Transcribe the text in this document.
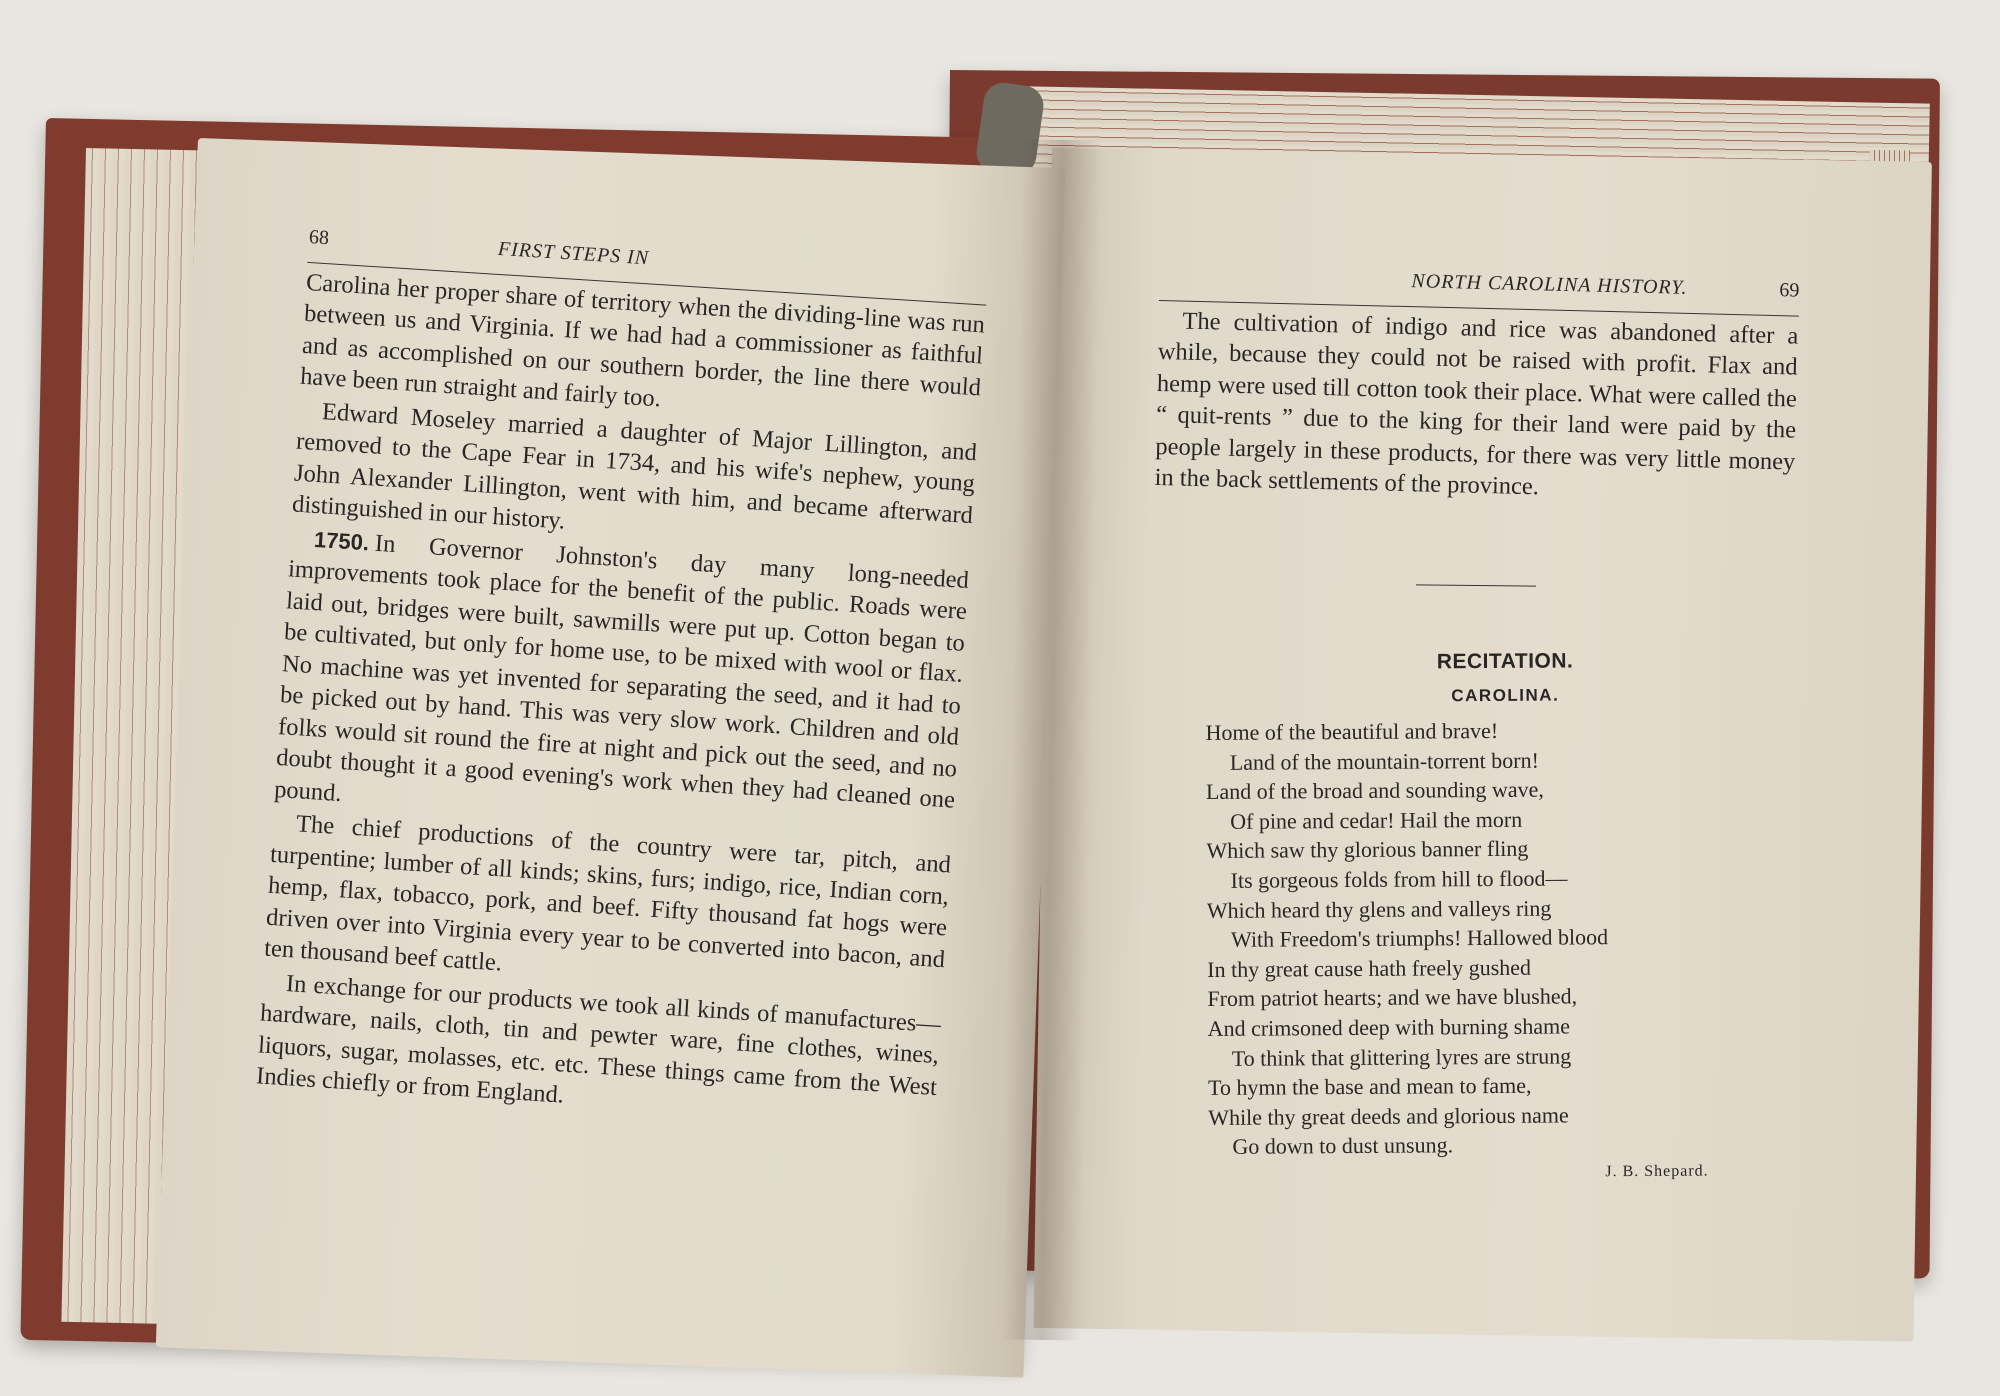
68
FIRST STEPS IN

Carolina her proper share of territory when the dividing-line was run between us and Virginia. If we had had a commissioner as faithful and as accomplished on our southern border, the line there would have been run straight and fairly too.

Edward Moseley married a daughter of Major Lillington, and removed to the Cape Fear in 1734, and his wife's nephew, young John Alexander Lillington, went with him, and became afterward distinguished in our history.

1750. In Governor Johnston's day many long-needed improvements took place for the benefit of the public. Roads were laid out, bridges were built, sawmills were put up. Cotton began to be cultivated, but only for home use, to be mixed with wool or flax. No machine was yet invented for separating the seed, and it had to be picked out by hand. This was very slow work. Children and old folks would sit round the fire at night and pick out the seed, and no doubt thought it a good evening's work when they had cleaned one pound.

The chief productions of the country were tar, pitch, and turpentine; lumber of all kinds; skins, furs; indigo, rice, Indian corn, hemp, flax, tobacco, pork, and beef. Fifty thousand fat hogs were driven over into Virginia every year to be converted into bacon, and ten thousand beef cattle.

In exchange for our products we took all kinds of manufactures—hardware, nails, cloth, tin and pewter ware, fine clothes, wines, liquors, sugar, molasses, etc. etc. These things came from the West Indies chiefly or from England.

NORTH CAROLINA HISTORY.	69

The cultivation of indigo and rice was abandoned after a while, because they could not be raised with profit. Flax and hemp were used till cotton took their place. What were called the “ quit-rents ” due to the king for their land were paid by the people largely in these products, for there was very little money in the back settlements of the province.

RECITATION.
CAROLINA.
Home of the beautiful and brave!
Land of the mountain-torrent born!
Land of the broad and sounding wave,
Of pine and cedar! Hail the morn
Which saw thy glorious banner fling
Its gorgeous folds from hill to flood—
Which heard thy glens and valleys ring
With Freedom's triumphs! Hallowed blood
In thy great cause hath freely gushed
From patriot hearts; and we have blushed,
And crimsoned deep with burning shame
To think that glittering lyres are strung
To hymn the base and mean to fame,
While thy great deeds and glorious name
Go down to dust unsung.
J. B. Shepard.
